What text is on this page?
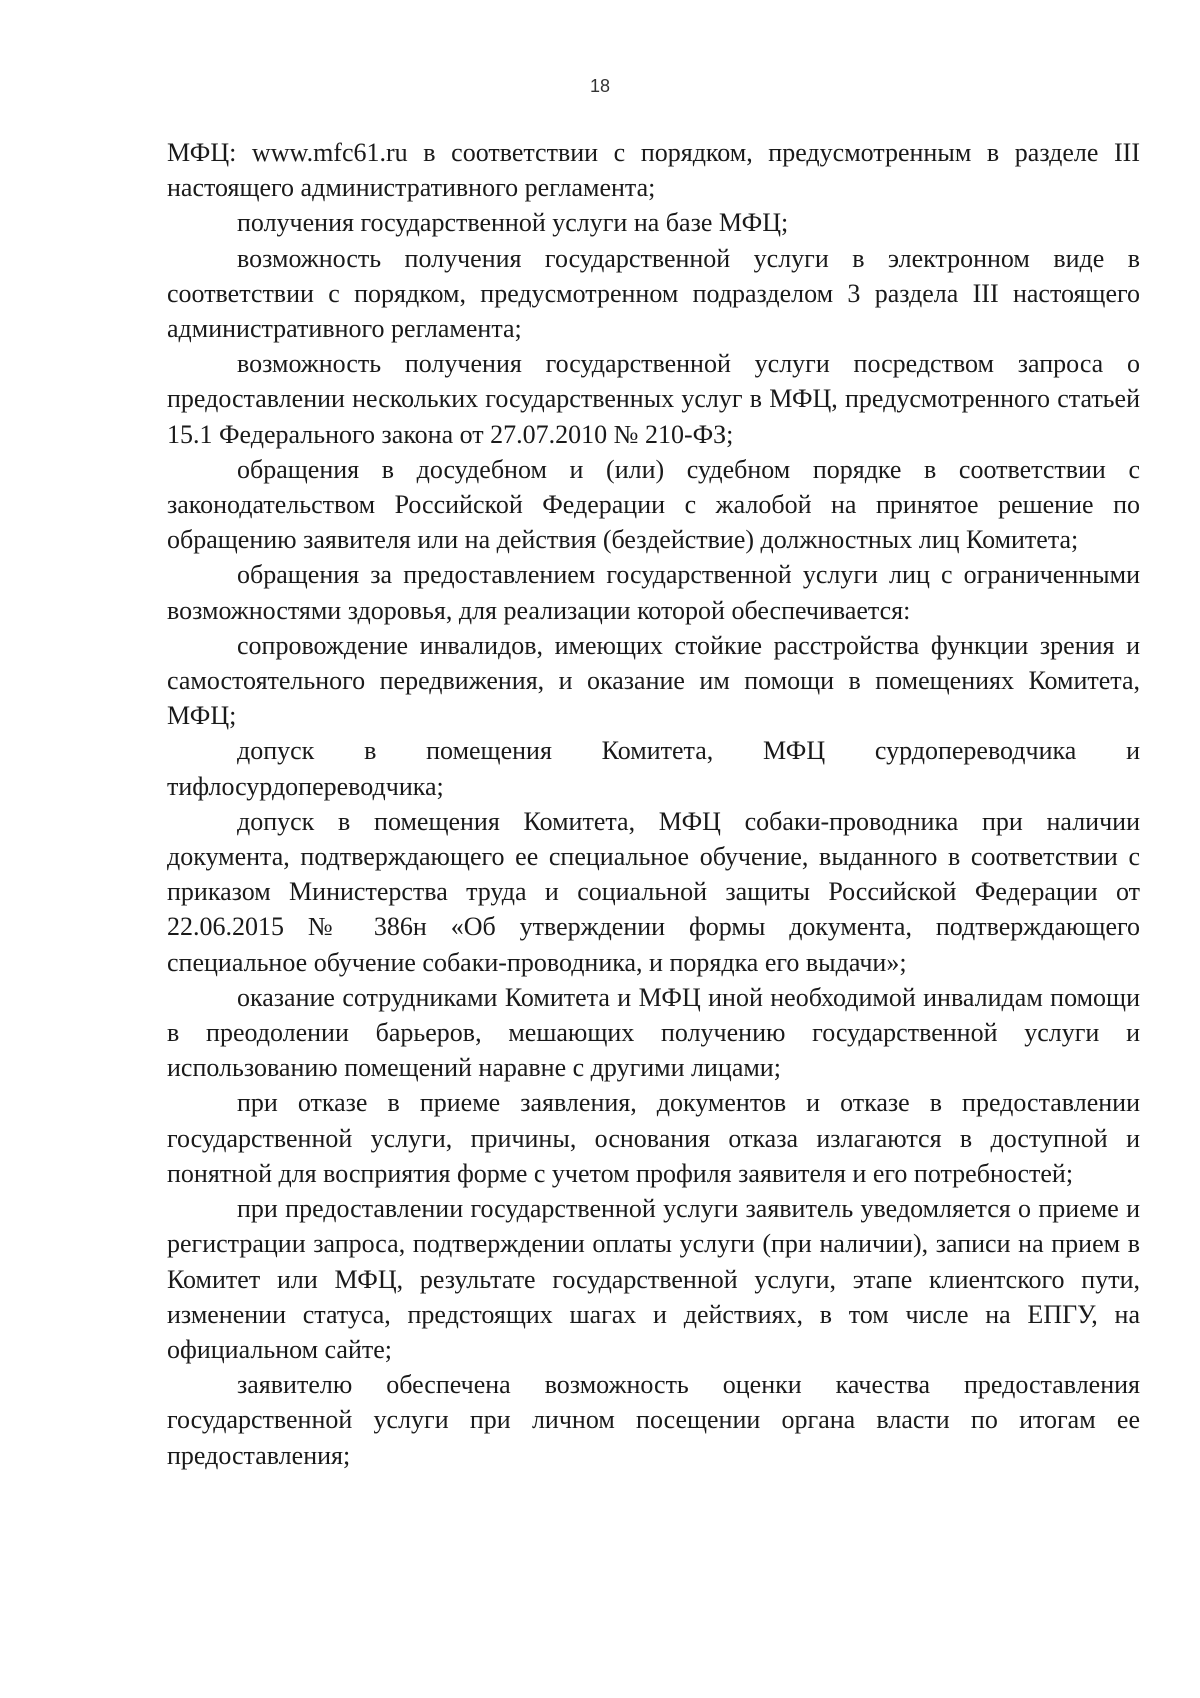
18

МФЦ: www.mfc61.ru в соответствии с порядком, предусмотренным в разделе III настоящего административного регламента;

получения государственной услуги на базе МФЦ;

возможность получения государственной услуги в электронном виде в соответствии с порядком, предусмотренном подразделом 3 раздела III настоящего административного регламента;

возможность получения государственной услуги посредством запроса о предоставлении нескольких государственных услуг в МФЦ, предусмотренного статьей 15.1 Федерального закона от 27.07.2010 № 210-ФЗ;

обращения в досудебном и (или) судебном порядке в соответствии с законодательством Российской Федерации с жалобой на принятое решение по обращению заявителя или на действия (бездействие) должностных лиц Комитета;

обращения за предоставлением государственной услуги лиц с ограниченными возможностями здоровья, для реализации которой обеспечивается:

сопровождение инвалидов, имеющих стойкие расстройства функции зрения и самостоятельного передвижения, и оказание им помощи в помещениях Комитета, МФЦ;

допуск в помещения Комитета, МФЦ сурдопереводчика и тифлосурдопереводчика;

допуск в помещения Комитета, МФЦ собаки-проводника при наличии документа, подтверждающего ее специальное обучение, выданного в соответствии с приказом Министерства труда и социальной защиты Российской Федерации от 22.06.2015 № 386н «Об утверждении формы документа, подтверждающего специальное обучение собаки-проводника, и порядка его выдачи»;

оказание сотрудниками Комитета и МФЦ иной необходимой инвалидам помощи в преодолении барьеров, мешающих получению государственной услуги и использованию помещений наравне с другими лицами;

при отказе в приеме заявления, документов и отказе в предоставлении государственной услуги, причины, основания отказа излагаются в доступной и понятной для восприятия форме с учетом профиля заявителя и его потребностей;

при предоставлении государственной услуги заявитель уведомляется о приеме и регистрации запроса, подтверждении оплаты услуги (при наличии), записи на прием в Комитет или МФЦ, результате государственной услуги, этапе клиентского пути, изменении статуса, предстоящих шагах и действиях, в том числе на ЕПГУ, на официальном сайте;

заявителю обеспечена возможность оценки качества предоставления государственной услуги при личном посещении органа власти по итогам ее предоставления;
